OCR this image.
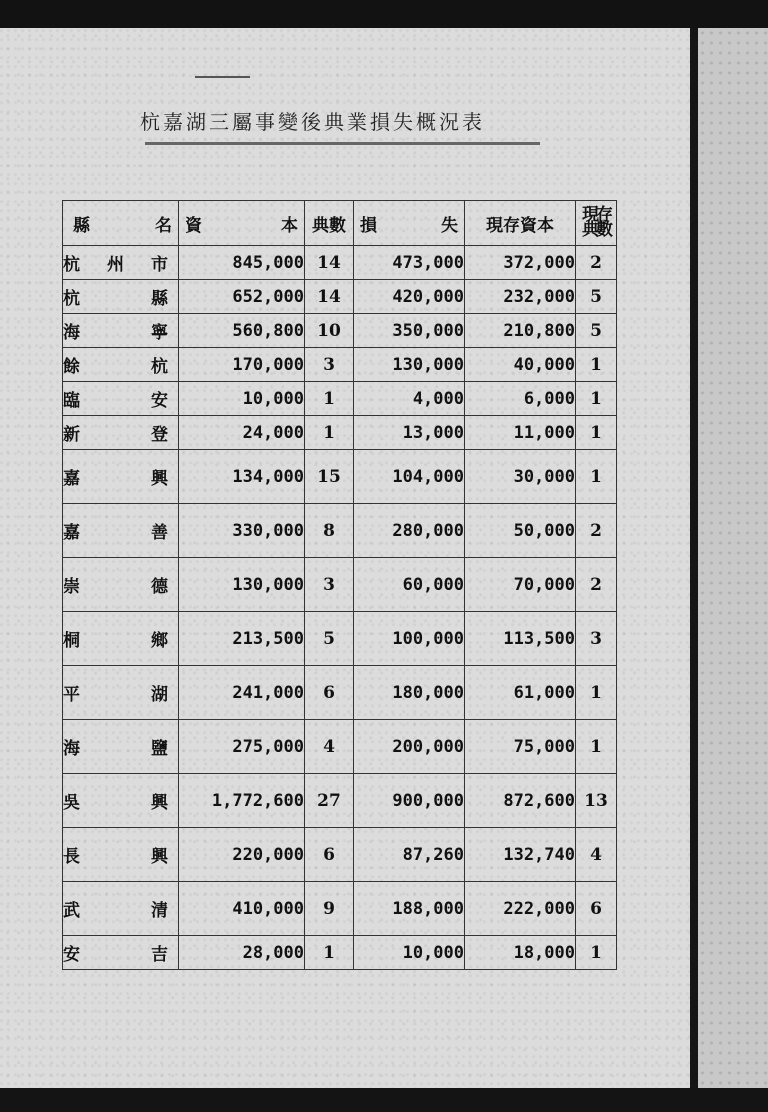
杭嘉湖三屬事變後典業損失概況表
縣 名	資 本	典數	損 失	現存資本	現典存數

杭 州 市	845,000	14	473,000	372,000	2

杭 縣	652,000	14	420,000	232,000	5

海 寧	560,800	10	350,000	210,800	5

餘 杭	170,000	3	130,000	40,000	1

臨 安	10,000	1	4,000	6,000	1

新 登	24,000	1	13,000	11,000	1

嘉 興	134,000	15	104,000	30,000	1

嘉 善	330,000	8	280,000	50,000	2

崇 德	130,000	3	60,000	70,000	2

桐 鄉	213,500	5	100,000	113,500	3

平 湖	241,000	6	180,000	61,000	1

海 鹽	275,000	4	200,000	75,000	1

吳 興	1,772,600	27	900,000	872,600	13

長 興	220,000	6	87,260	132,740	4

武 清	410,000	9	188,000	222,000	6

安 吉	28,000	1	10,000	18,000	1
